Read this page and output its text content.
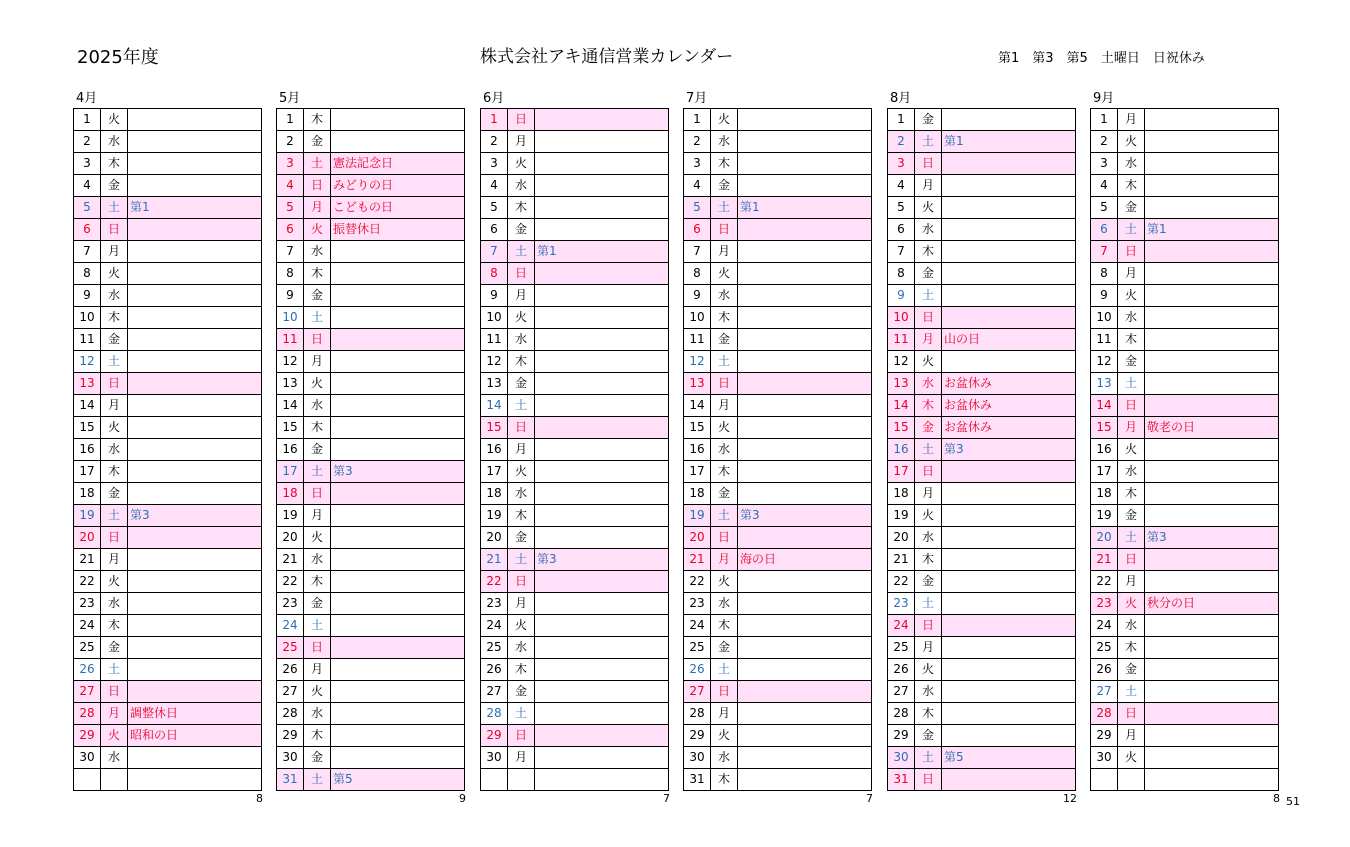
2025年度	株式会社アキ通信営業カレンダー	第1　第3　第5　土曜日　日祝休み
4月
1	火	
2	水	
3	木	
4	金	
5	土	第1
6	日	
7	月	
8	火	
9	水	
10	木	
11	金	
12	土	
13	日	
14	月	
15	火	
16	水	
17	木	
18	金	
19	土	第3
20	日	
21	月	
22	火	
23	水	
24	木	
25	金	
26	土	
27	日	
28	月	調整休日
29	火	昭和の日
30	水	

8
5月
1	木	
2	金	
3	土	憲法記念日
4	日	みどりの日
5	月	こどもの日
6	火	振替休日
7	水	
8	木	
9	金	
10	土	
11	日	
12	月	
13	火	
14	水	
15	木	
16	金	
17	土	第3
18	日	
19	月	
20	火	
21	水	
22	木	
23	金	
24	土	
25	日	
26	月	
27	火	
28	水	
29	木	
30	金	
31	土	第5
9
6月
1	日	
2	月	
3	火	
4	水	
5	木	
6	金	
7	土	第1
8	日	
9	月	
10	火	
11	水	
12	木	
13	金	
14	土	
15	日	
16	月	
17	火	
18	水	
19	木	
20	金	
21	土	第3
22	日	
23	月	
24	火	
25	水	
26	木	
27	金	
28	土	
29	日	
30	月	

7
7月
1	火	
2	水	
3	木	
4	金	
5	土	第1
6	日	
7	月	
8	火	
9	水	
10	木	
11	金	
12	土	
13	日	
14	月	
15	火	
16	水	
17	木	
18	金	
19	土	第3
20	日	
21	月	海の日
22	火	
23	水	
24	木	
25	金	
26	土	
27	日	
28	月	
29	火	
30	水	
31	木	
7
8月
1	金	
2	土	第1
3	日	
4	月	
5	火	
6	水	
7	木	
8	金	
9	土	
10	日	
11	月	山の日
12	火	
13	水	お盆休み
14	木	お盆休み
15	金	お盆休み
16	土	第3
17	日	
18	月	
19	火	
20	水	
21	木	
22	金	
23	土	
24	日	
25	月	
26	火	
27	水	
28	木	
29	金	
30	土	第5
31	日	
12
9月
1	月	
2	火	
3	水	
4	木	
5	金	
6	土	第1
7	日	
8	月	
9	火	
10	水	
11	木	
12	金	
13	土	
14	日	
15	月	敬老の日
16	火	
17	水	
18	木	
19	金	
20	土	第3
21	日	
22	月	
23	火	秋分の日
24	水	
25	木	
26	金	
27	土	
28	日	
29	月	
30	火	

8 51
